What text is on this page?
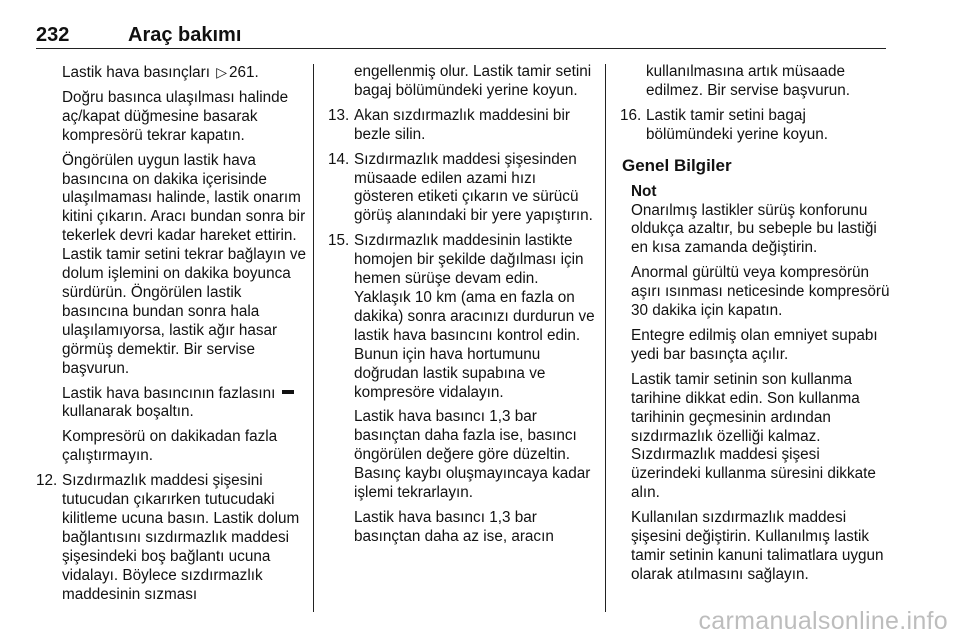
232	Araç bakımı

Lastik hava basınçları ▷ 261.

Doğru basınca ulaşılması halinde aç/kapat düğmesine basarak kompresörü tekrar kapatın.

Öngörülen uygun lastik hava basıncına on dakika içerisinde ulaşılmaması halinde, lastik onarım kitini çıkarın. Aracı bundan sonra bir tekerlek devri kadar hareket ettirin. Lastik tamir setini tekrar bağlayın ve dolum işlemini on dakika boyunca sürdürün. Öngörülen lastik basıncına bundan sonra hala ulaşılamıyorsa, lastik ağır hasar görmüş demektir. Bir servise başvurun.

Lastik hava basıncının fazlasını  kullanarak boşaltın.

Kompresörü on dakikadan fazla çalıştırmayın.

12. Sızdırmazlık maddesi şişesini tutucudan çıkarırken tutucudaki kilitleme ucuna basın. Lastik dolum bağlantısını sızdırmazlık maddesi şişesindeki boş bağlantı ucuna vidalayı. Böylece sızdırmazlık maddesinin sızması

engellenmiş olur. Lastik tamir setini bagaj bölümündeki yerine koyun.

13. Akan sızdırmazlık maddesini bir bezle silin.
14. Sızdırmazlık maddesi şişesinden müsaade edilen azami hızı gösteren etiketi çıkarın ve sürücü görüş alanındaki bir yere yapıştırın.
15. Sızdırmazlık maddesinin lastikte homojen bir şekilde dağılması için hemen sürüşe devam edin. Yaklaşık 10 km (ama en fazla on dakika) sonra aracınızı durdurun ve lastik hava basıncını kontrol edin. Bunun için hava hortumunu doğrudan lastik supabına ve kompresöre vidalayın.

Lastik hava basıncı 1,3 bar basınçtan daha fazla ise, basıncı öngörülen değere göre düzeltin. Basınç kaybı oluşmayıncaya kadar işlemi tekrarlayın.

Lastik hava basıncı 1,3 bar basınçtan daha az ise, aracın

kullanılmasına artık müsaade edilmez. Bir servise başvurun.

16. Lastik tamir setini bagaj bölümündeki yerine koyun.
Genel Bilgiler
Not

Onarılmış lastikler sürüş konforunu oldukça azaltır, bu sebeple bu lastiği en kısa zamanda değiştirin.

Anormal gürültü veya kompresörün aşırı ısınması neticesinde kompresörü 30 dakika için kapatın.

Entegre edilmiş olan emniyet supabı yedi bar basınçta açılır.

Lastik tamir setinin son kullanma tarihine dikkat edin. Son kullanma tarihinin geçmesinin ardından sızdırmazlık özelliği kalmaz. Sızdırmazlık maddesi şişesi üzerindeki kullanma süresini dikkate alın.

Kullanılan sızdırmazlık maddesi şişesini değiştirin. Kullanılmış lastik tamir setinin kanuni talimatlara uygun olarak atılmasını sağlayın.

carmanualsonline.info
